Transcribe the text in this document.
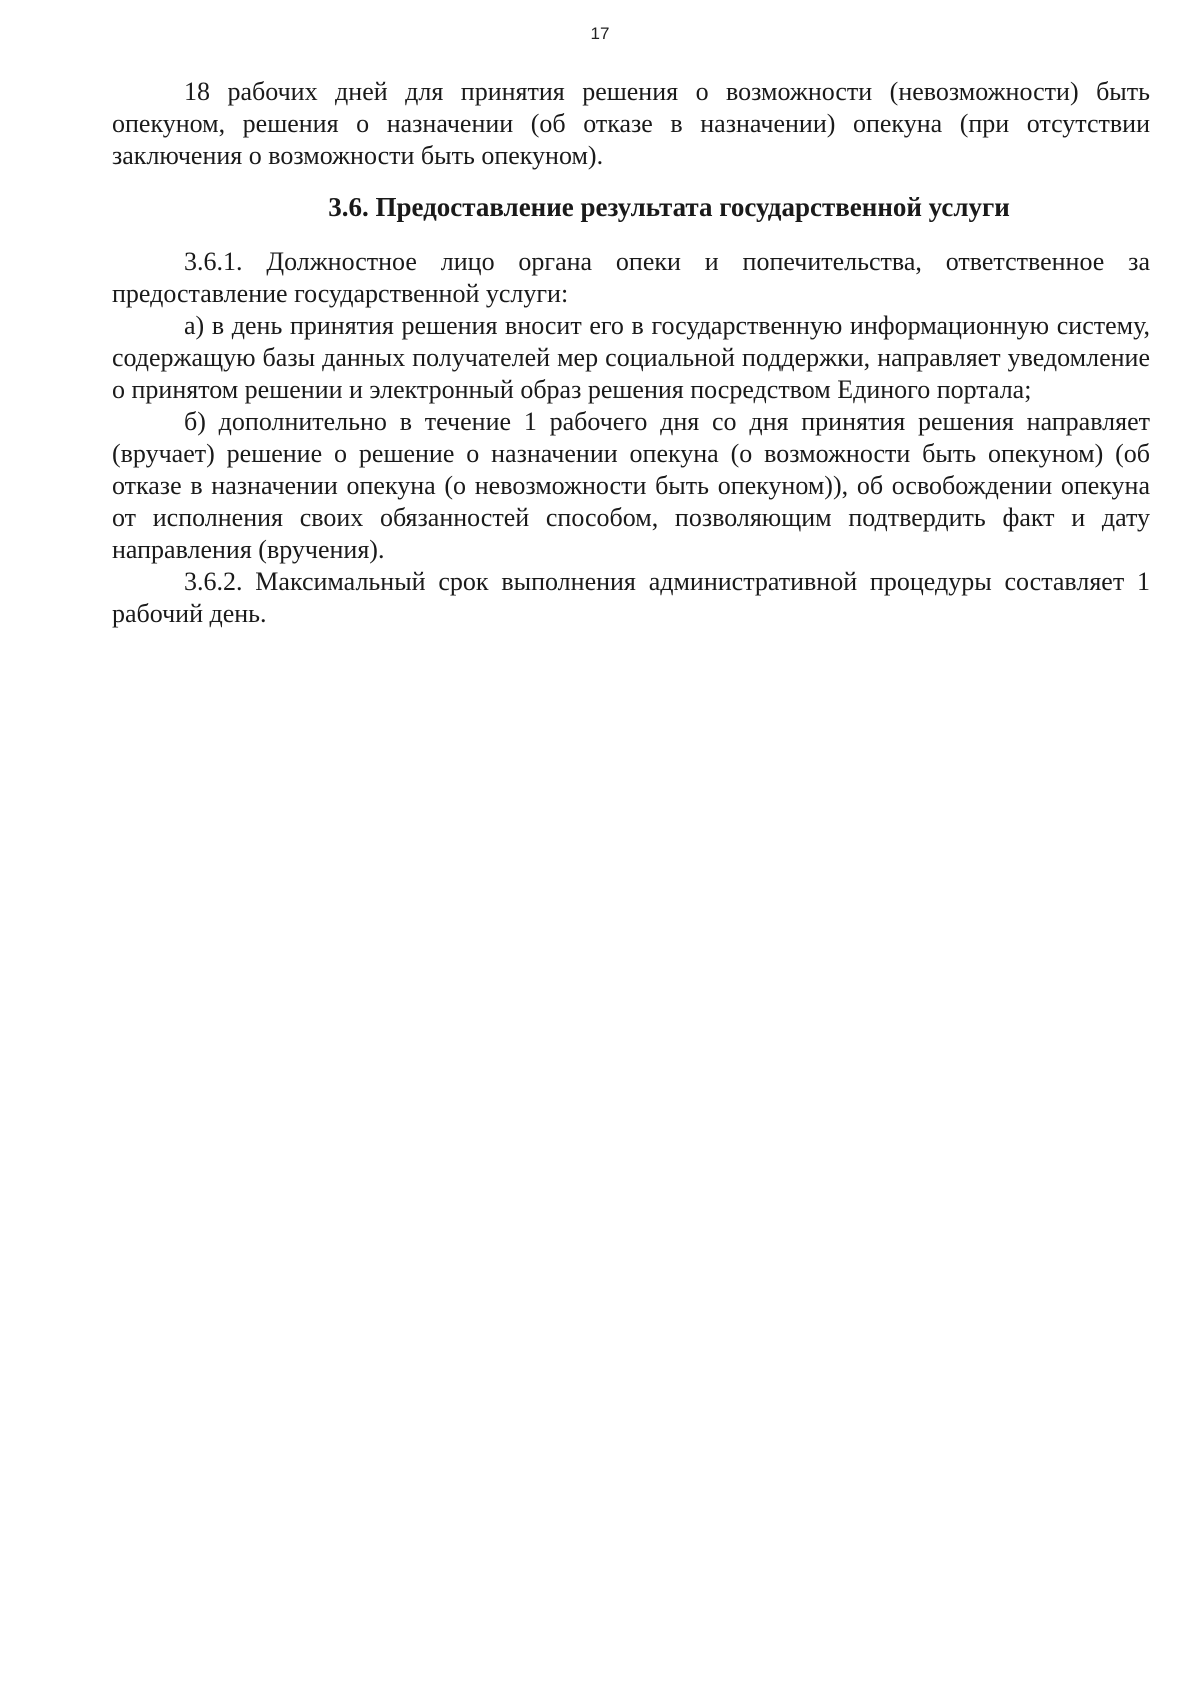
17

18 рабочих дней для принятия решения о возможности (невозможности) быть опекуном, решения о назначении (об отказе в назначении) опекуна (при отсутствии заключения о возможности быть опекуном).

3.6. Предоставление результата государственной услуги

3.6.1. Должностное лицо органа опеки и попечительства, ответственное за предоставление государственной услуги:

а) в день принятия решения вносит его в государственную информационную систему, содержащую базы данных получателей мер социальной поддержки, направляет уведомление о принятом решении и электронный образ решения посредством Единого портала;

б) дополнительно в течение 1 рабочего дня со дня принятия решения направляет (вручает) решение о решение о назначении опекуна (о возможности быть опекуном) (об отказе в назначении опекуна (о невозможности быть опекуном)), об освобождении опекуна от исполнения своих обязанностей способом, позволяющим подтвердить факт и дату направления (вручения).

3.6.2. Максимальный срок выполнения административной процедуры составляет 1 рабочий день.
